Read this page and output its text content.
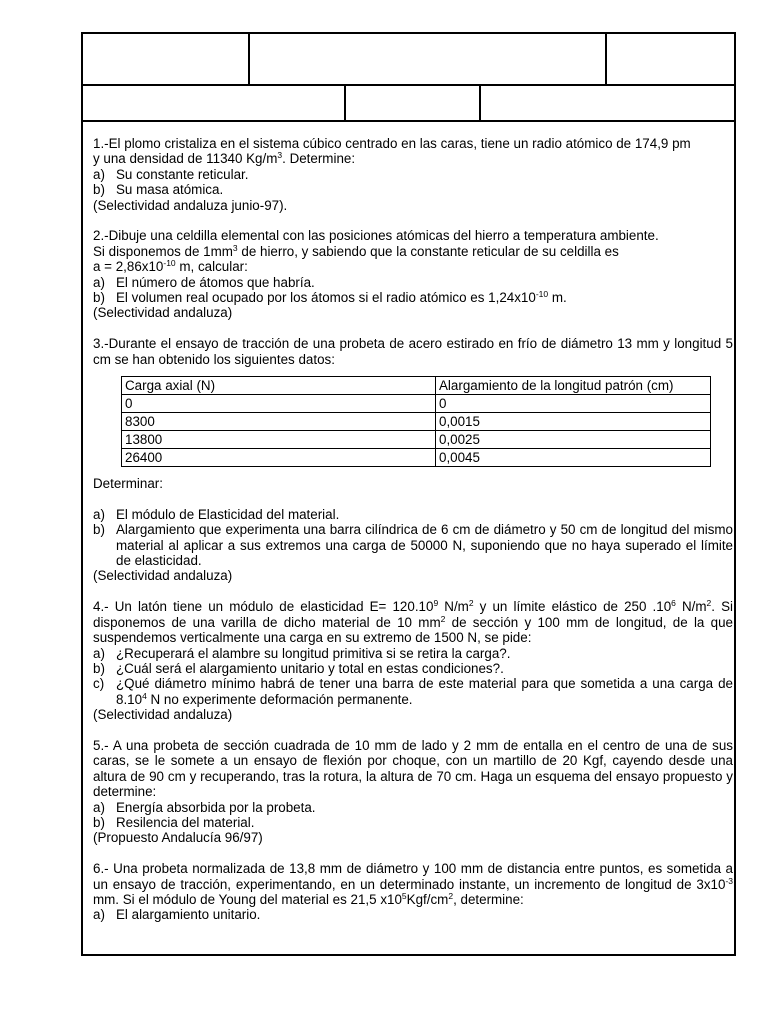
1.-El plomo cristaliza en el sistema cúbico centrado en las caras, tiene un radio atómico de 174,9 pm

y una densidad de 11340 $Kg/m^3$. Determine:

a) Su constante reticular.
b) Su masa atómica.

(Selectividad andaluza junio-97).

2.-Dibuje una celdilla elemental con las posiciones atómicas del hierro a temperatura ambiente.

Si disponemos de $1mm^3$ de hierro, y sabiendo que la constante reticular de su celdilla es

$a = 2,86x10^{-10}$ m, calcular:

a) El número de átomos que habría.
b) El volumen real ocupado por los átomos si el radio atómico es $1,24x10^{-10}$ m.

(Selectividad andaluza)

3.-Durante el ensayo de tracción de una probeta de acero estirado en frío de diámetro 13 mm y longitud 5 cm se han obtenido los siguientes datos:

Carga axial (N)	Alargamiento de la longitud patrón (cm)
0	0
8300	0,0015
13800	0,0025
26400	0,0045

Determinar:

a) El módulo de Elasticidad del material.
b) Alargamiento que experimenta una barra cilíndrica de 6 cm de diámetro y 50 cm de longitud del mismo material al aplicar a sus extremos una carga de 50000 N, suponiendo que no haya superado el límite de elasticidad.

(Selectividad andaluza)

4.- Un latón tiene un módulo de elasticidad $E= 120.10^9$ $N/m^2$ y un límite elástico de 250 $.10^6$ $N/m^2$. Si disponemos de una varilla de dicho material de 10 $mm^2$ de sección y 100 mm de longitud, de la que suspendemos verticalmente una carga en su extremo de 1500 N, se pide:

a) ¿Recuperará el alambre su longitud primitiva si se retira la carga?.
b) ¿Cuál será el alargamiento unitario y total en estas condiciones?.
c) ¿Qué diámetro mínimo habrá de tener una barra de este material para que sometida a una carga de 8.10$^4$ N no experimente deformación permanente.

(Selectividad andaluza)

5.- A una probeta de sección cuadrada de 10 mm de lado y 2 mm de entalla en el centro de una de sus caras, se le somete a un ensayo de flexión por choque, con un martillo de 20 Kgf, cayendo desde una altura de 90 cm y recuperando, tras la rotura, la altura de 70 cm. Haga un esquema del ensayo propuesto y determine:

a) Energía absorbida por la probeta.
b) Resilencia del material.

(Propuesto Andalucía 96/97)

6.- Una probeta normalizada de 13,8 mm de diámetro y 100 mm de distancia entre puntos, es sometida a un ensayo de tracción, experimentando, en un determinado instante, un incremento de longitud de $3x10^{-3}$ mm. Si el módulo de Young del material es 21,5 $x10^5Kgf/cm^2$, determine:

a) El alargamiento unitario.
